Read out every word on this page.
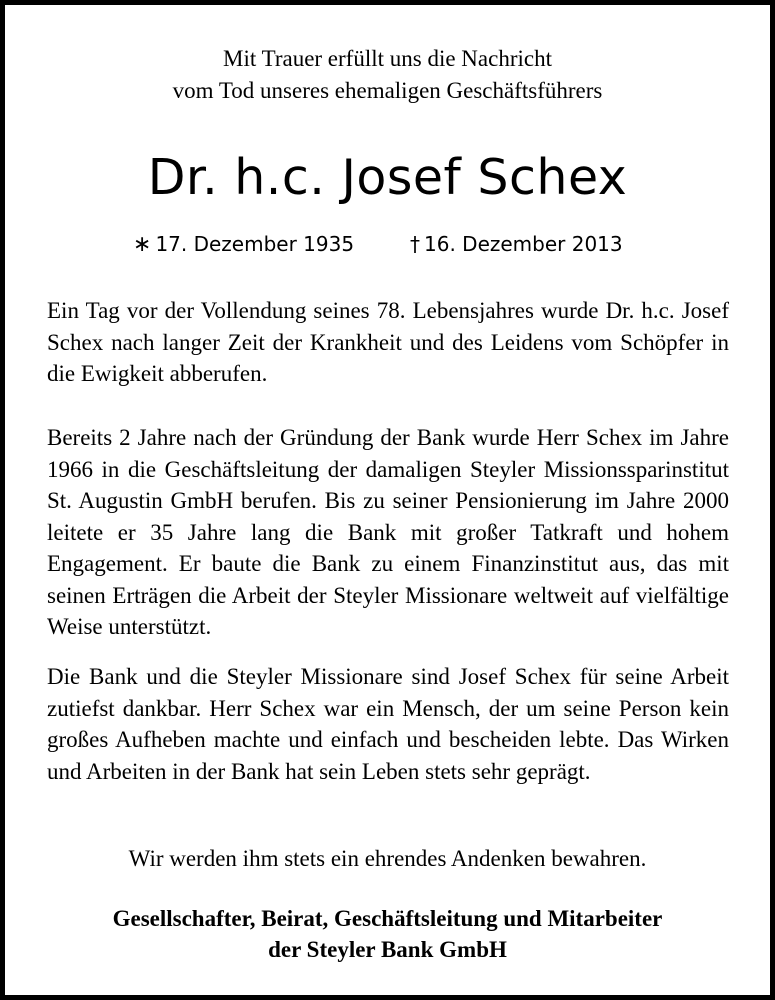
Mit Trauer erfüllt uns die Nachricht
vom Tod unseres ehemaligen Geschäftsführers
Dr. h.c. Josef Schex
∗ 17. Dezember 1935	† 16. Dezember 2013
Ein Tag vor der Vollendung seines 78. Lebensjahres wurde Dr. h.c. Josef Schex nach langer Zeit der Krankheit und des Leidens vom Schöpfer in die Ewigkeit abberufen.
Bereits 2 Jahre nach der Gründung der Bank wurde Herr Schex im Jahre 1966 in die Geschäftsleitung der damaligen Steyler Missionssparinstitut St. Augustin GmbH berufen. Bis zu seiner Pensionierung im Jahre 2000 leitete er 35 Jahre lang die Bank mit großer Tatkraft und hohem Engagement. Er baute die Bank zu einem Finanzinstitut aus, das mit seinen Erträgen die Arbeit der Steyler Missionare weltweit auf vielfältige Weise unterstützt.
Die Bank und die Steyler Missionare sind Josef Schex für seine Arbeit zutiefst dankbar. Herr Schex war ein Mensch, der um seine Person kein großes Aufheben machte und einfach und bescheiden lebte. Das Wirken und Arbeiten in der Bank hat sein Leben stets sehr geprägt.
Wir werden ihm stets ein ehrendes Andenken bewahren.
Gesellschafter, Beirat, Geschäftsleitung und Mitarbeiter
der Steyler Bank GmbH
